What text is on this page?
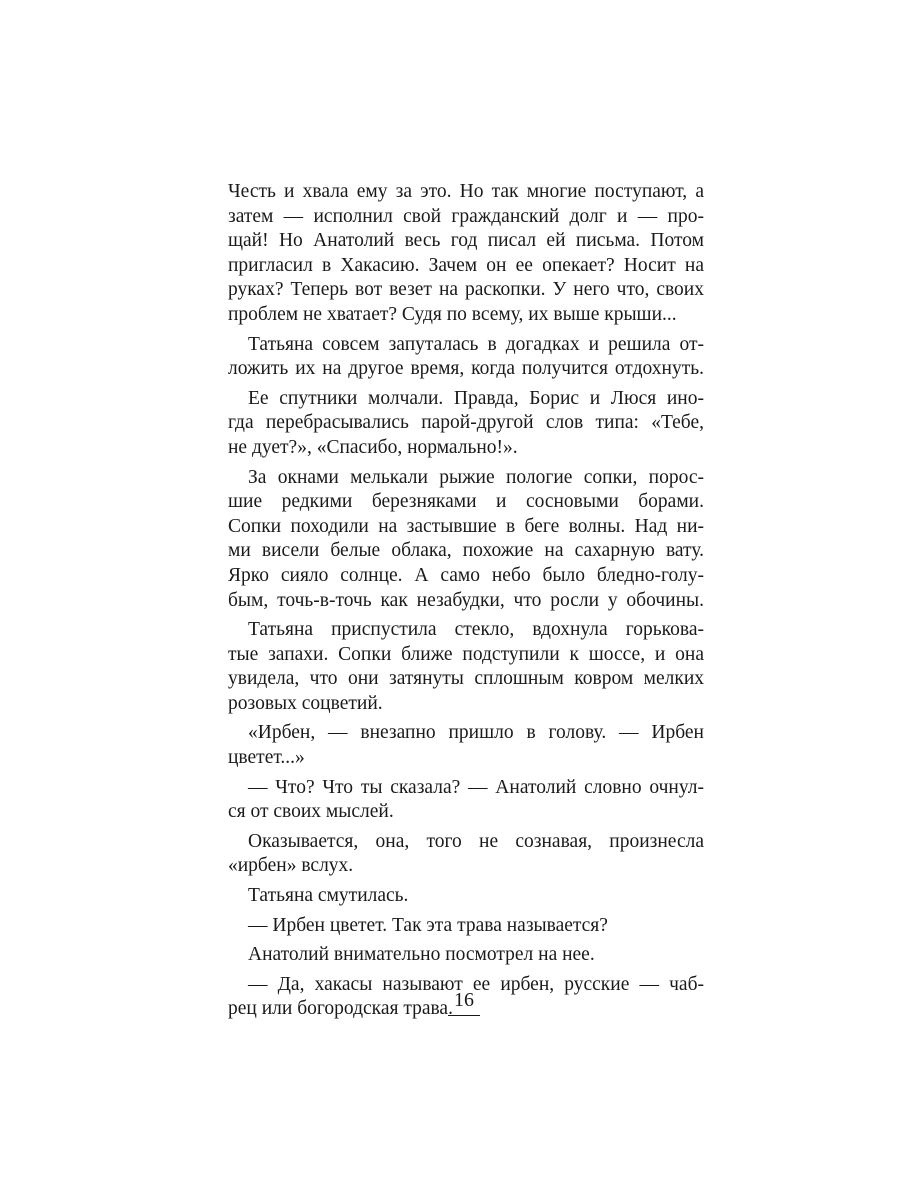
Честь и хвала ему за это. Но так многие поступают, а
затем — исполнил свой гражданский долг и — про-
щай! Но Анатолий весь год писал ей письма. Потом
пригласил в Хакасию. Зачем он ее опекает? Носит на
руках? Теперь вот везет на раскопки. У него что, своих
проблем не хватает? Судя по всему, их выше крыши...
Татьяна совсем запуталась в догадках и решила от-
ложить их на другое время, когда получится отдохнуть.
Ее спутники молчали. Правда, Борис и Люся ино-
гда перебрасывались парой-другой слов типа: «Тебе,
не дует?», «Спасибо, нормально!».
За окнами мелькали рыжие пологие сопки, порос-
шие редкими березняками и сосновыми борами.
Сопки походили на застывшие в беге волны. Над ни-
ми висели белые облака, похожие на сахарную вату.
Ярко сияло солнце. А само небо было бледно-голу-
бым, точь-в-точь как незабудки, что росли у обочины.
Татьяна приспустила стекло, вдохнула горькова-
тые запахи. Сопки ближе подступили к шоссе, и она
увидела, что они затянуты сплошным ковром мелких
розовых соцветий.
«Ирбен, — внезапно пришло в голову. — Ирбен
цветет...»
— Что? Что ты сказала? — Анатолий словно очнул-
ся от своих мыслей.
Оказывается, она, того не сознавая, произнесла
«ирбен» вслух.
Татьяна смутилась.
— Ирбен цветет. Так эта трава называется?
Анатолий внимательно посмотрел на нее.
— Да, хакасы называют ее ирбен, русские — чаб-
рец или богородская трава. 16
